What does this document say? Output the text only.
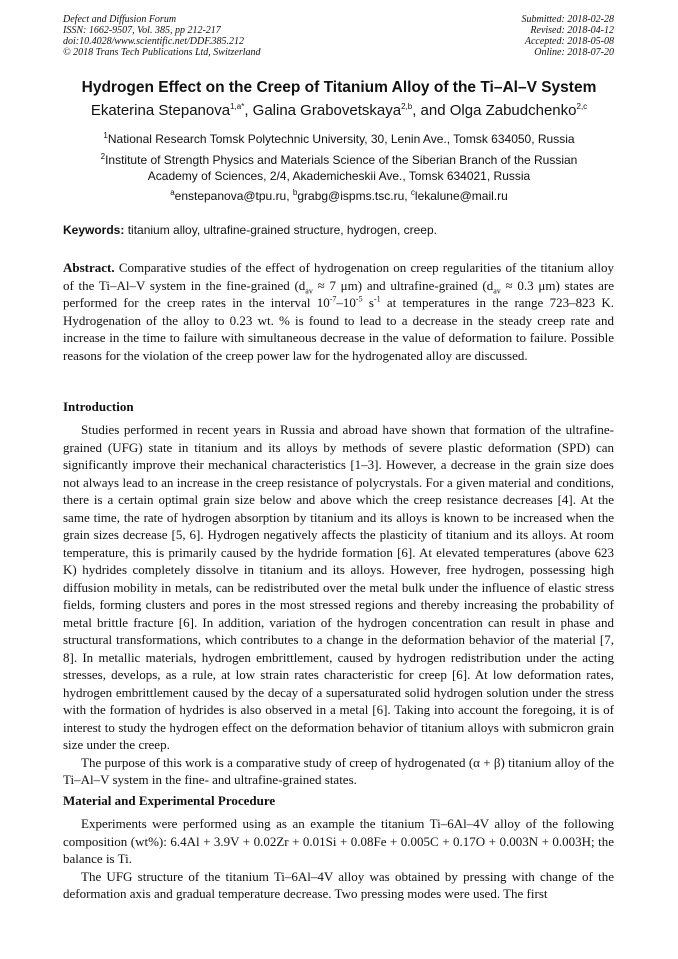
Defect and Diffusion Forum
ISSN: 1662-9507, Vol. 385, pp 212-217
doi:10.4028/www.scientific.net/DDF.385.212
© 2018 Trans Tech Publications Ltd, Switzerland
Submitted: 2018-02-28
Revised: 2018-04-12
Accepted: 2018-05-08
Online: 2018-07-20
Hydrogen Effect on the Creep of Titanium Alloy of the Ti–Al–V System
Ekaterina Stepanova$^{1,a*}$, Galina Grabovetskaya$^{2,b}$, and Olga Zabudchenko$^{2,c}$
$^1$National Research Tomsk Polytechnic University, 30, Lenin Ave., Tomsk 634050, Russia
$^2$Institute of Strength Physics and Materials Science of the Siberian Branch of the Russian
Academy of Sciences, 2/4, Akademicheskii Ave., Tomsk 634021, Russia
$^a$enstepanova@tpu.ru, $^b$grabg@ispms.tsc.ru, $^c$lekalune@mail.ru
Keywords: titanium alloy, ultrafine-grained structure, hydrogen, creep.

Abstract. Comparative studies of the effect of hydrogenation on creep regularities of the titanium alloy of the Ti–Al–V system in the fine-grained ($d_{av} \approx 7$ μm) and ultrafine-grained ($d_{av} \approx 0.3$ μm) states are performed for the creep rates in the interval $10^{-7}-10^{-5}$ $s^{-1}$ at temperatures in the range 723–823 K. Hydrogenation of the alloy to 0.23 wt. % is found to lead to a decrease in the steady creep rate and increase in the time to failure with simultaneous decrease in the value of deformation to failure. Possible reasons for the violation of the creep power law for the hydrogenated alloy are discussed.

Introduction

Studies performed in recent years in Russia and abroad have shown that formation of the ultrafine-grained (UFG) state in titanium and its alloys by methods of severe plastic deformation (SPD) can significantly improve their mechanical characteristics [1–3]. However, a decrease in the grain size does not always lead to an increase in the creep resistance of polycrystals. For a given material and conditions, there is a certain optimal grain size below and above which the creep resistance decreases [4]. At the same time, the rate of hydrogen absorption by titanium and its alloys is known to be increased when the grain sizes decrease [5, 6]. Hydrogen negatively affects the plasticity of titanium and its alloys. At room temperature, this is primarily caused by the hydride formation [6]. At elevated temperatures (above 623 K) hydrides completely dissolve in titanium and its alloys. However, free hydrogen, possessing high diffusion mobility in metals, can be redistributed over the metal bulk under the influence of elastic stress fields, forming clusters and pores in the most stressed regions and thereby increasing the probability of metal brittle fracture [6]. In addition, variation of the hydrogen concentration can result in phase and structural transformations, which contributes to a change in the deformation behavior of the material [7, 8]. In metallic materials, hydrogen embrittlement, caused by hydrogen redistribution under the acting stresses, develops, as a rule, at low strain rates characteristic for creep [6]. At low deformation rates, hydrogen embrittlement caused by the decay of a supersaturated solid hydrogen solution under the stress with the formation of hydrides is also observed in a metal [6]. Taking into account the foregoing, it is of interest to study the hydrogen effect on the deformation behavior of titanium alloys with submicron grain size under the creep.

The purpose of this work is a comparative study of creep of hydrogenated (α + β) titanium alloy of the Ti–Al–V system in the fine- and ultrafine-grained states.

Material and Experimental Procedure

Experiments were performed using as an example the titanium Ti–6Al–4V alloy of the following composition (wt%): 6.4Al + 3.9V + 0.02Zr + 0.01Si + 0.08Fe + 0.005C + 0.17O + 0.003N + 0.003H; the balance is Ti.

The UFG structure of the titanium Ti–6Al–4V alloy was obtained by pressing with change of the deformation axis and gradual temperature decrease. Two pressing modes were used. The first
